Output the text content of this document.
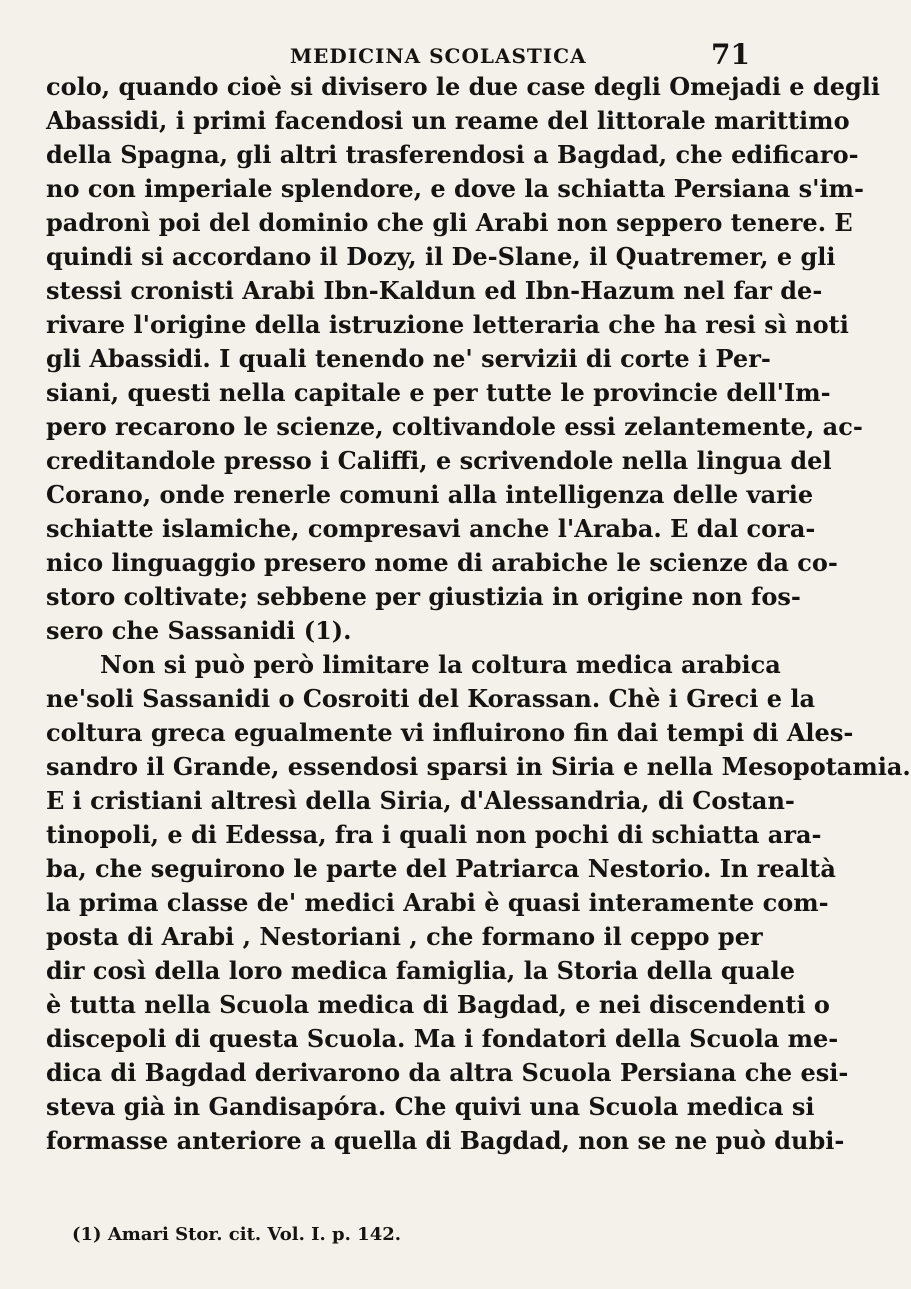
MEDICINA SCOLASTICA	71
colo, quando cioè si divisero le due case degli Omejadi e degli
Abassidi, i primi facendosi un reame del littorale marittimo
della Spagna, gli altri trasferendosi a Bagdad, che edificaro-
no con imperiale splendore, e dove la schiatta Persiana s'im-
padronì poi del dominio che gli Arabi non seppero tenere. E
quindi si accordano il Dozy, il De-Slane, il Quatremer, e gli
stessi cronisti Arabi Ibn-Kaldun ed Ibn-Hazum nel far de-
rivare l'origine della istruzione letteraria che ha resi sì noti
gli Abassidi. I quali tenendo ne' servizii di corte i Per-
siani, questi nella capitale e per tutte le provincie dell'Im-
pero recarono le scienze, coltivandole essi zelantemente, ac-
creditandole presso i Califfi, e scrivendole nella lingua del
Corano, onde renerle comuni alla intelligenza delle varie
schiatte islamiche, compresavi anche l'Araba. E dal cora-
nico linguaggio presero nome di arabiche le scienze da co-
storo coltivate; sebbene per giustizia in origine non fos-
sero che Sassanidi (1).
Non si può però limitare la coltura medica arabica
ne'soli Sassanidi o Cosroiti del Korassan. Chè i Greci e la
coltura greca egualmente vi influirono fin dai tempi di Ales-
sandro il Grande, essendosi sparsi in Siria e nella Mesopotamia.
E i cristiani altresì della Siria, d'Alessandria, di Costan-
tinopoli, e di Edessa, fra i quali non pochi di schiatta ara-
ba, che seguirono le parte del Patriarca Nestorio. In realtà
la prima classe de' medici Arabi è quasi interamente com-
posta di Arabi , Nestoriani , che formano il ceppo per
dir così della loro medica famiglia, la Storia della quale
è tutta nella Scuola medica di Bagdad, e nei discendenti o
discepoli di questa Scuola. Ma i fondatori della Scuola me-
dica di Bagdad derivarono da altra Scuola Persiana che esi-
steva già in Gandisapóra. Che quivi una Scuola medica si
formasse anteriore a quella di Bagdad, non se ne può dubi-
(1) Amari Stor. cit. Vol. I. p. 142.
